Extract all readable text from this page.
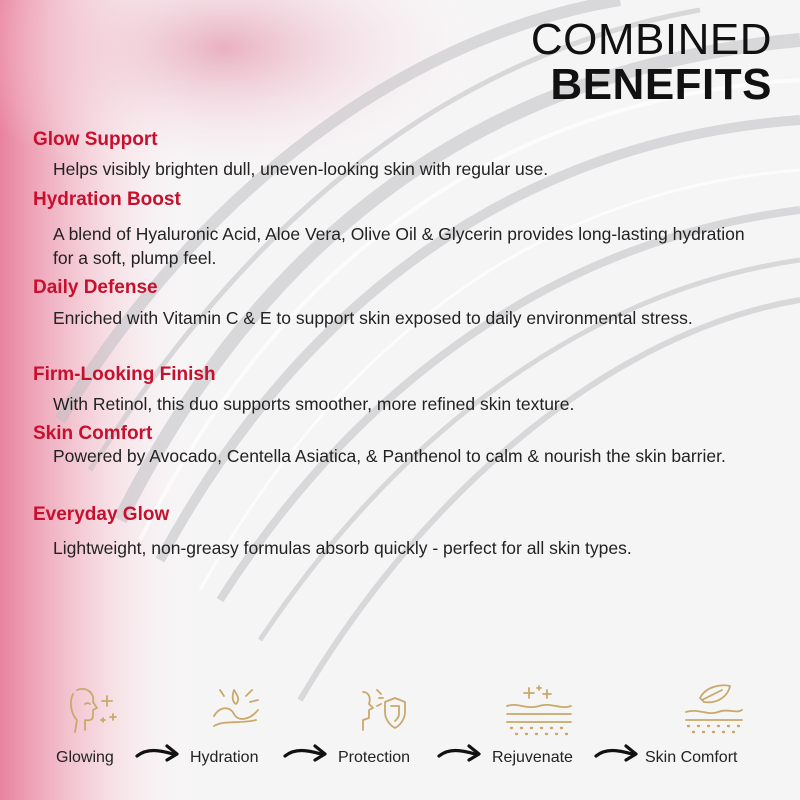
COMBINED
BENEFITS
Glow Support

Helps visibly brighten dull, uneven-looking skin with regular use.

Hydration Boost

A blend of Hyaluronic Acid, Aloe Vera, Olive Oil & Glycerin provides long-lasting hydration for a soft, plump feel.

Daily Defense

Enriched with Vitamin C & E to support skin exposed to daily environmental stress.

Firm-Looking Finish

With Retinol, this duo supports smoother, more refined skin texture.

Skin Comfort

Powered by Avocado, Centella Asiatica, & Panthenol to calm & nourish the skin barrier.

Everyday Glow

Lightweight, non-greasy formulas absorb quickly - perfect for all skin types.

Glowing	Hydration	Protection	Rejuvenate	Skin Comfort
